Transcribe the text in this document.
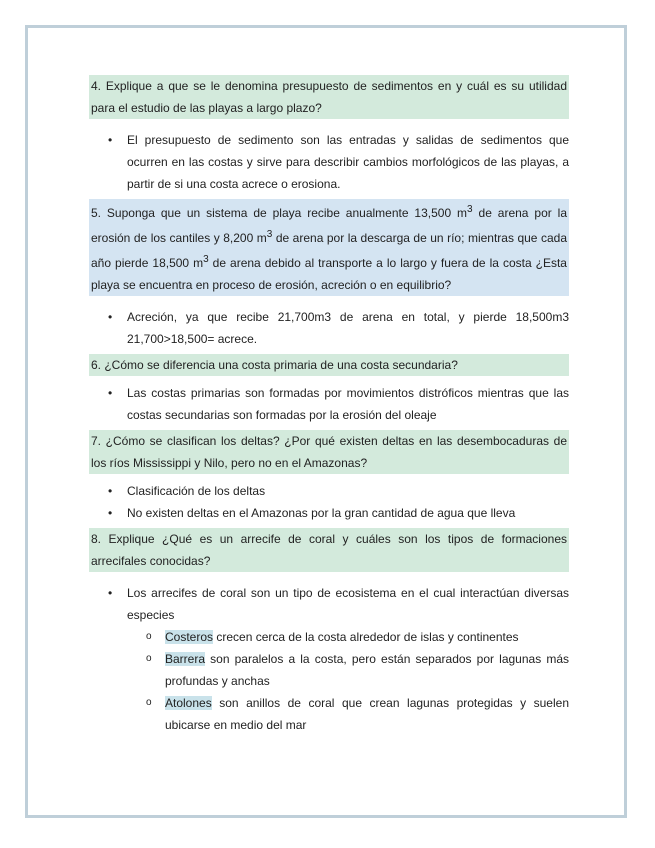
4. Explique a que se le denomina presupuesto de sedimentos en y cuál es su utilidad para el estudio de las playas a largo plazo?

• El presupuesto de sedimento son las entradas y salidas de sedimentos que ocurren en las costas y sirve para describir cambios morfológicos de las playas, a partir de si una costa acrece o erosiona.

5. Suponga que un sistema de playa recibe anualmente 13,500 $m^3$ de arena por la erosión de los cantiles y 8,200 $m^3$ de arena por la descarga de un río; mientras que cada año pierde 18,500 $m^3$ de arena debido al transporte a lo largo y fuera de la costa ¿Esta playa se encuentra en proceso de erosión, acreción o en equilibrio?

• Acreción, ya que recibe 21,700m3 de arena en total, y pierde 18,500m3 21,700>18,500= acrece.

6. ¿Cómo se diferencia una costa primaria de una costa secundaria?

• Las costas primarias son formadas por movimientos distróficos mientras que las costas secundarias son formadas por la erosión del oleaje

7. ¿Cómo se clasifican los deltas? ¿Por qué existen deltas en las desembocaduras de los ríos Mississippi y Nilo, pero no en el Amazonas?

• Clasificación de los deltas
• No existen deltas en el Amazonas por la gran cantidad de agua que lleva

8. Explique ¿Qué es un arrecife de coral y cuáles son los tipos de formaciones arrecifales conocidas?

• Los arrecifes de coral son un tipo de ecosistema en el cual interactúan diversas especies
o Costeros crecen cerca de la costa alrededor de islas y continentes
o Barrera son paralelos a la costa, pero están separados por lagunas más profundas y anchas
o Atolones son anillos de coral que crean lagunas protegidas y suelen ubicarse en medio del mar
